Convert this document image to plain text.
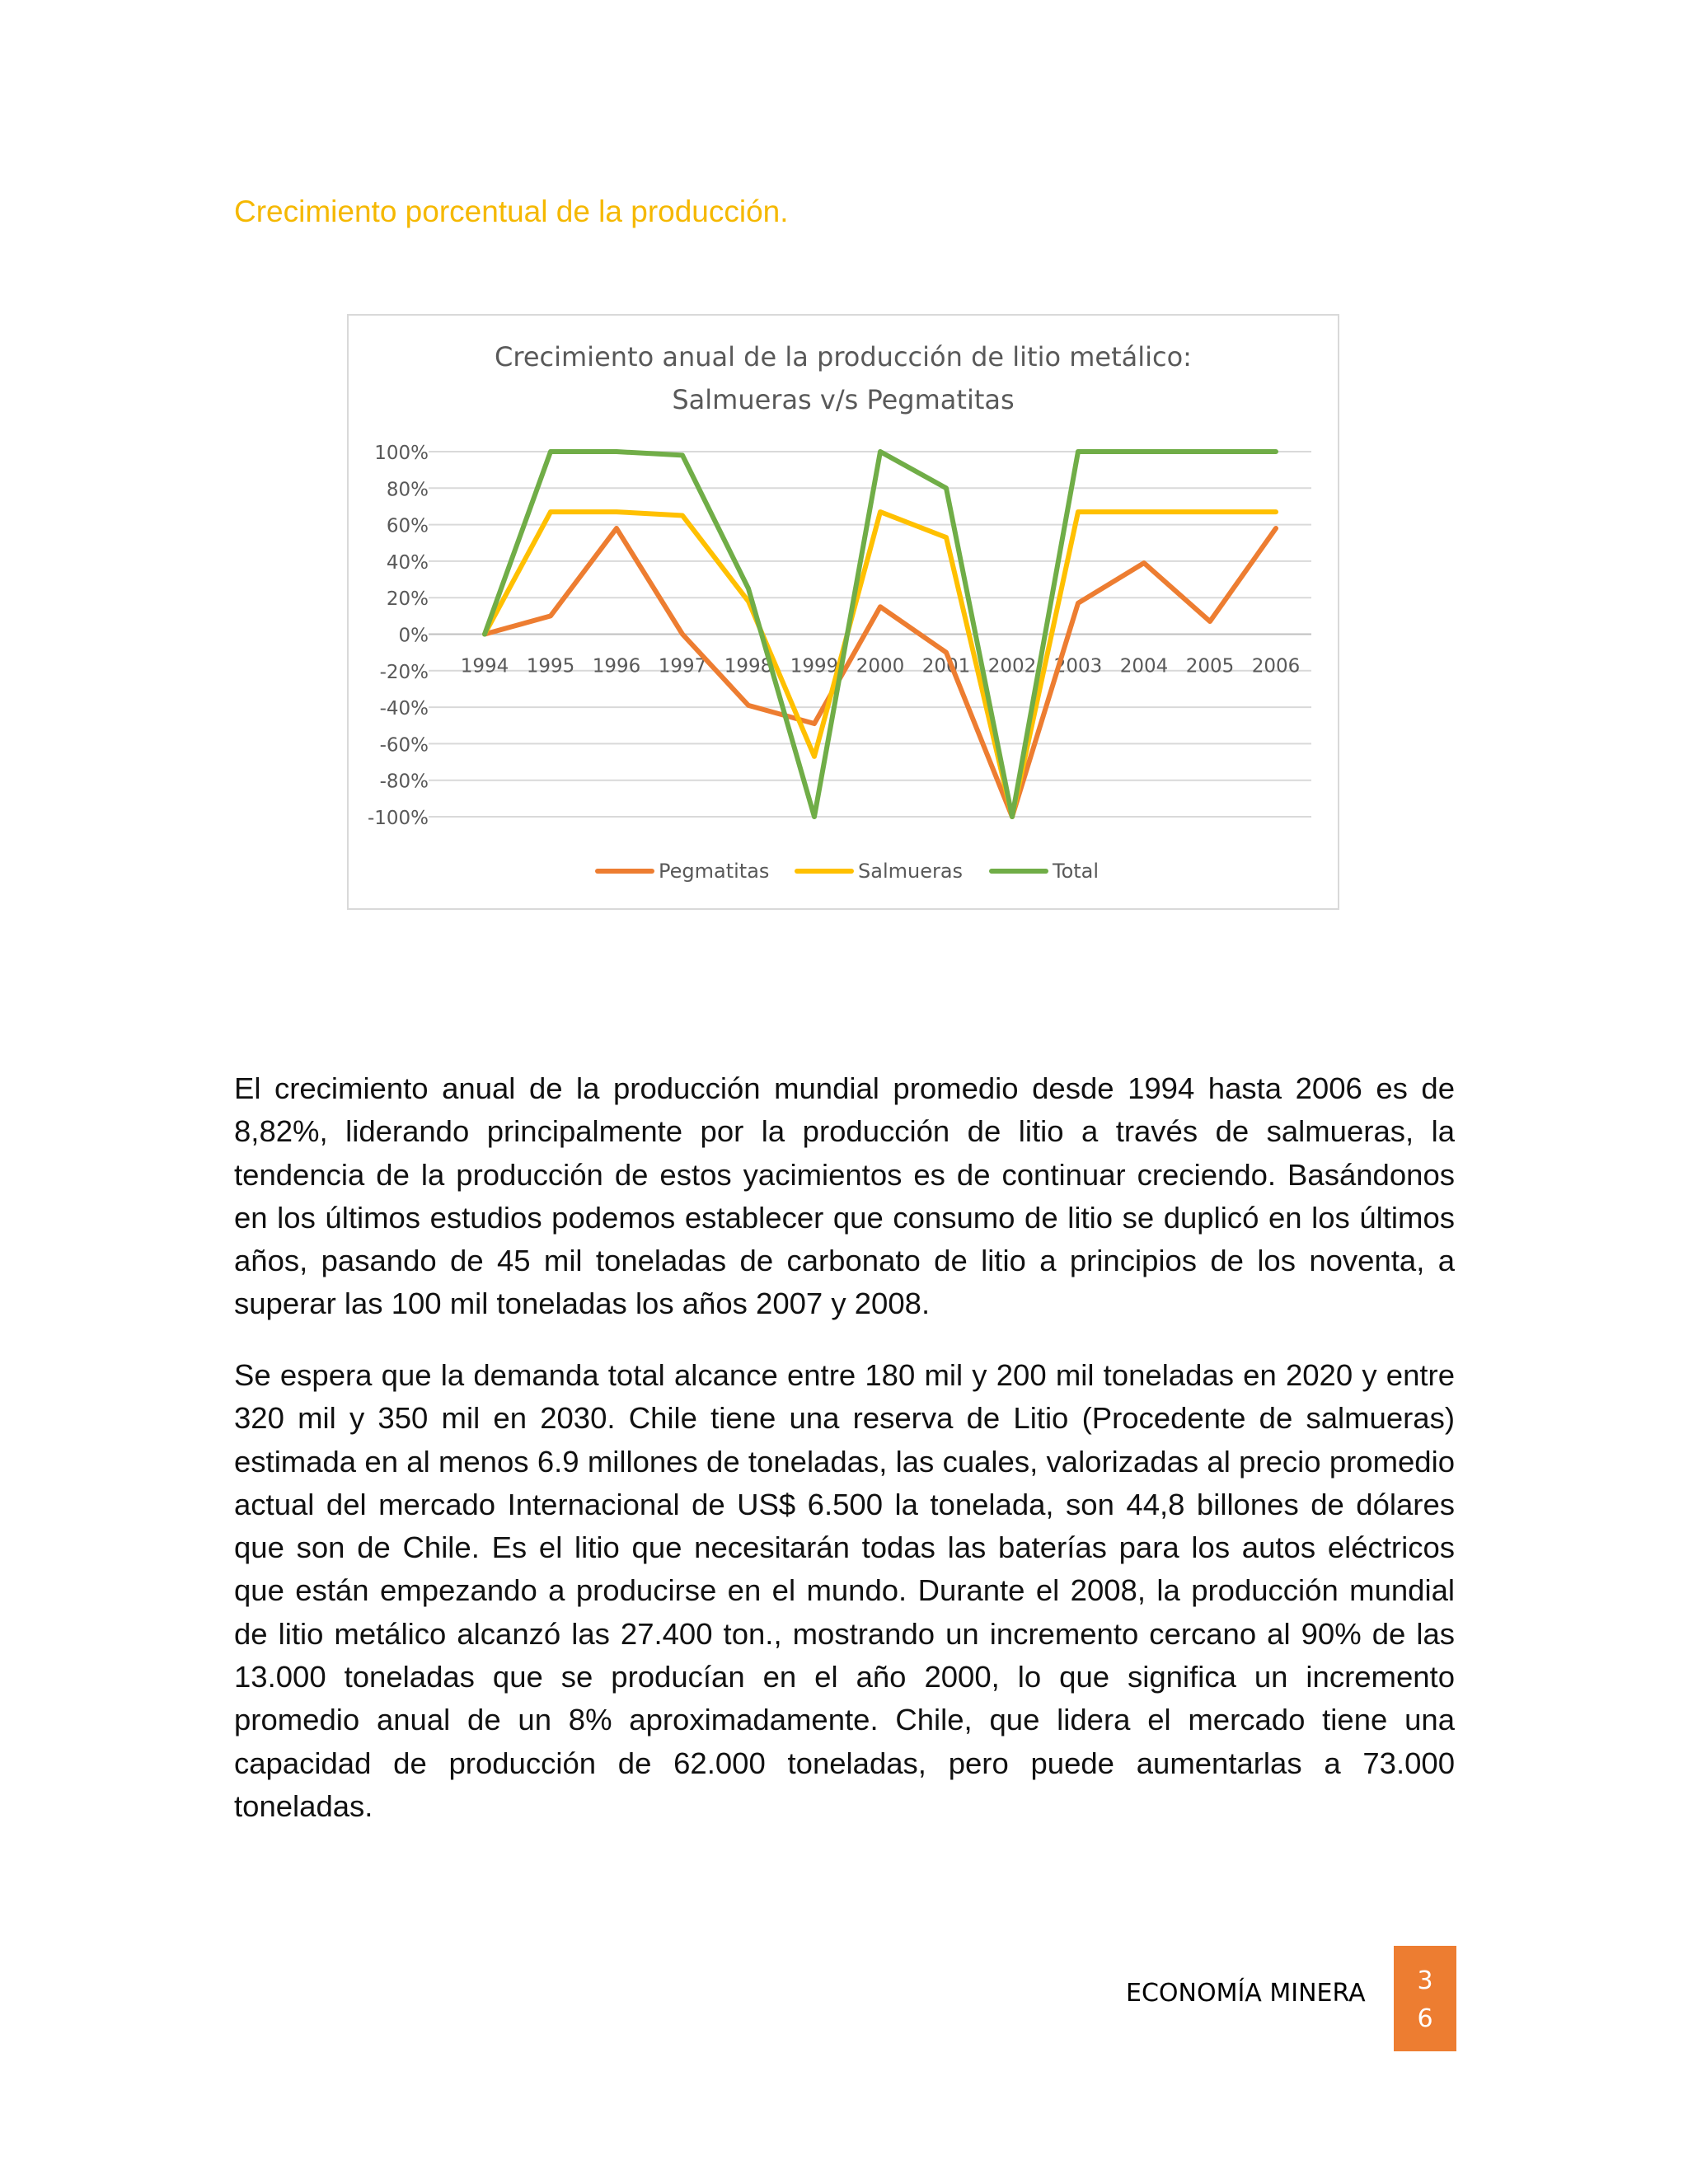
Crecimiento porcentual de la producción.
Crecimiento anual de la producción de litio metálico:
Salmueras v/s Pegmatitas
100%
80%
60%
40%
20%
0%
-20%
-40%
-60%
-80%
-100%
1994 1995 1996 1997 1998 1999 2000 2001 2002 2003 2004 2005 2006
Pegmatitas	Salmueras	Total
El crecimiento anual de la producción mundial promedio desde 1994 hasta 2006 es de 8,82%, liderando principalmente por la producción de litio a través de salmueras, la tendencia de la producción de estos yacimientos es de continuar creciendo. Basándonos en los últimos estudios podemos establecer que consumo de litio se duplicó en los últimos años, pasando de 45 mil toneladas de carbonato de litio a principios de los noventa, a superar las 100 mil toneladas los años 2007 y 2008.
Se espera que la demanda total alcance entre 180 mil y 200 mil toneladas en 2020 y entre 320 mil y 350 mil en 2030. Chile tiene una reserva de Litio (Procedente de salmueras) estimada en al menos 6.9 millones de toneladas, las cuales, valorizadas al precio promedio actual del mercado Internacional de US$ 6.500 la tonelada, son 44,8 billones de dólares que son de Chile. Es el litio que necesitarán todas las baterías para los autos eléctricos que están empezando a producirse en el mundo. Durante el 2008, la producción mundial de litio metálico alcanzó las 27.400 ton., mostrando un incremento cercano al 90% de las 13.000 toneladas que se producían en el año 2000, lo que significa un incremento promedio anual de un 8% aproximadamente. Chile, que lidera el mercado tiene una capacidad de producción de 62.000 toneladas, pero puede aumentarlas a 73.000 toneladas.
ECONOMÍA MINERA	3
6
